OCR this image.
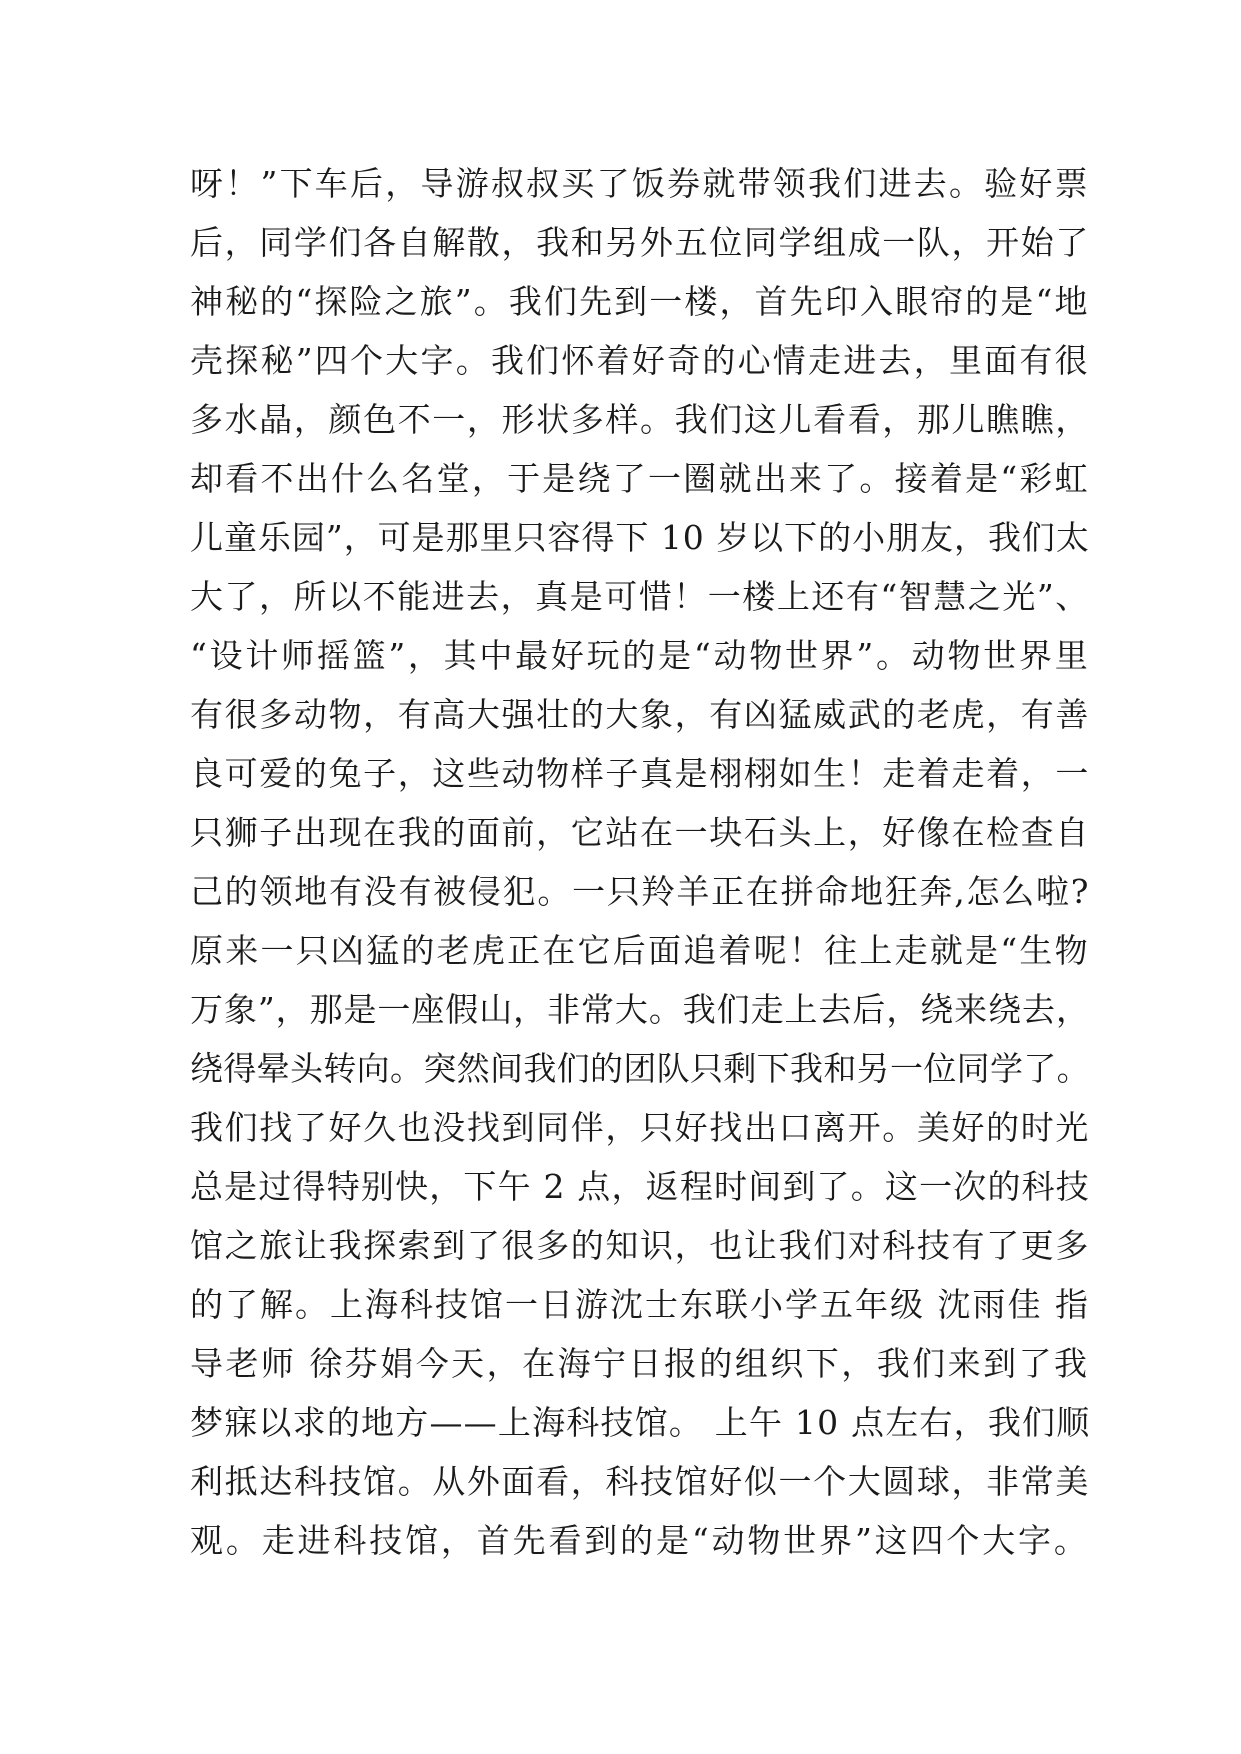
呀！”下车后，导游叔叔买了饭券就带领我们进去。验好票
后，同学们各自解散，我和另外五位同学组成一队，开始了
神秘的“探险之旅”。我们先到一楼，首先印入眼帘的是“地
壳探秘”四个大字。我们怀着好奇的心情走进去，里面有很
多水晶，颜色不一，形状多样。我们这儿看看，那儿瞧瞧，
却看不出什么名堂，于是绕了一圈就出来了。接着是“彩虹
儿童乐园”，可是那里只容得下 10 岁以下的小朋友，我们太
大了，所以不能进去，真是可惜！一楼上还有“智慧之光”、
“设计师摇篮”，其中最好玩的是“动物世界”。动物世界里
有很多动物，有高大强壮的大象，有凶猛威武的老虎，有善
良可爱的兔子，这些动物样子真是栩栩如生！走着走着，一
只狮子出现在我的面前，它站在一块石头上，好像在检查自
己的领地有没有被侵犯。一只羚羊正在拼命地狂奔,怎么啦?
原来一只凶猛的老虎正在它后面追着呢！往上走就是“生物
万象”，那是一座假山，非常大。我们走上去后，绕来绕去，
绕得晕头转向。突然间我们的团队只剩下我和另一位同学了。
我们找了好久也没找到同伴，只好找出口离开。美好的时光
总是过得特别快，下午 2 点，返程时间到了。这一次的科技
馆之旅让我探索到了很多的知识，也让我们对科技有了更多
的了解。上海科技馆一日游沈士东联小学五年级 沈雨佳 指
导老师 徐芬娟今天，在海宁日报的组织下，我们来到了我
梦寐以求的地方——上海科技馆。 上午 10 点左右，我们顺
利抵达科技馆。从外面看，科技馆好似一个大圆球，非常美
观。走进科技馆，首先看到的是“动物世界”这四个大字。
